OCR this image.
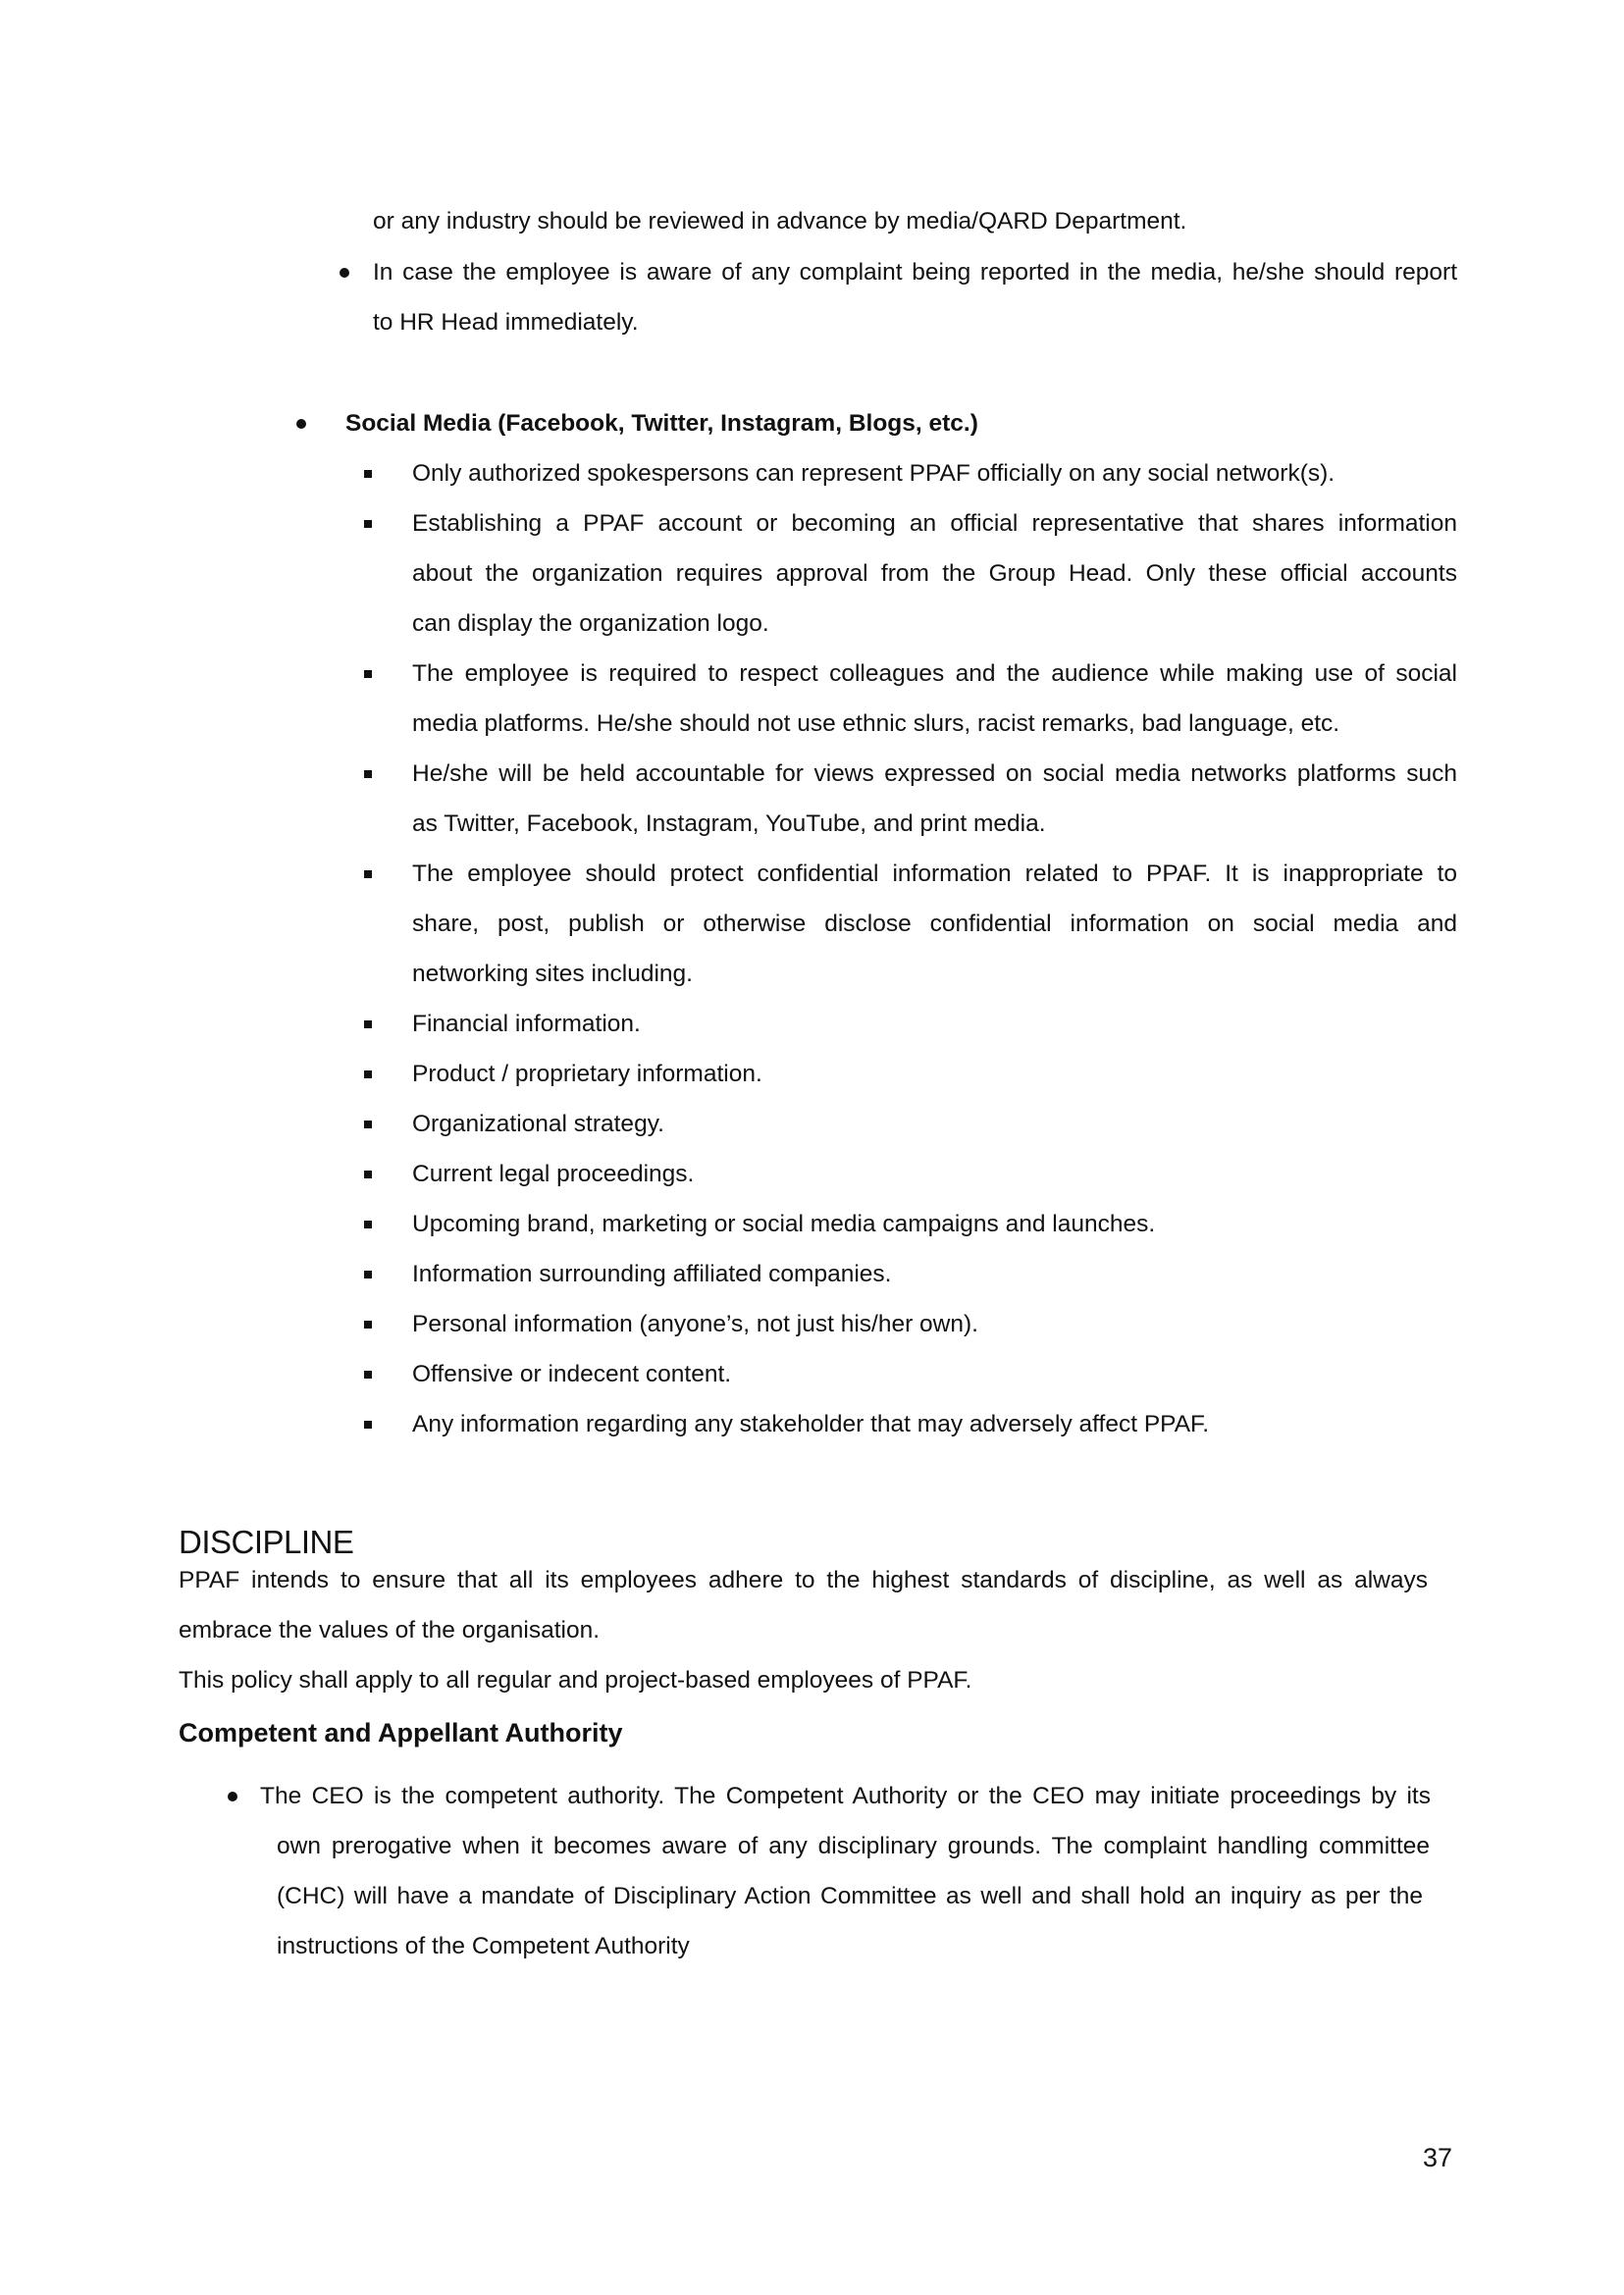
or any industry should be reviewed in advance by media/QARD Department.
In case the employee is aware of any complaint being reported in the media, he/she should report
to HR Head immediately.
Social Media (Facebook, Twitter, Instagram, Blogs, etc.)
Only authorized spokespersons can represent PPAF officially on any social network(s).
Establishing a PPAF account or becoming an official representative that shares information
about the organization requires approval from the Group Head. Only these official accounts
can display the organization logo.
The employee is required to respect colleagues and the audience while making use of social
media platforms. He/she should not use ethnic slurs, racist remarks, bad language, etc.
He/she will be held accountable for views expressed on social media networks platforms such
as Twitter, Facebook, Instagram, YouTube, and print media.
The employee should protect confidential information related to PPAF. It is inappropriate to
share, post, publish or otherwise disclose confidential information on social media and
networking sites including.
Financial information.
Product / proprietary information.
Organizational strategy.
Current legal proceedings.
Upcoming brand, marketing or social media campaigns and launches.
Information surrounding affiliated companies.
Personal information (anyone’s, not just his/her own).
Offensive or indecent content.
Any information regarding any stakeholder that may adversely affect PPAF.
DISCIPLINE
PPAF intends to ensure that all its employees adhere to the highest standards of discipline, as well as always
embrace the values of the organisation.
This policy shall apply to all regular and project-based employees of PPAF.
Competent and Appellant Authority
The CEO is the competent authority. The Competent Authority or the CEO may initiate proceedings by its
own prerogative when it becomes aware of any disciplinary grounds. The complaint handling committee
(CHC) will have a mandate of Disciplinary Action Committee as well and shall hold an inquiry as per the
instructions of the Competent Authority
37
